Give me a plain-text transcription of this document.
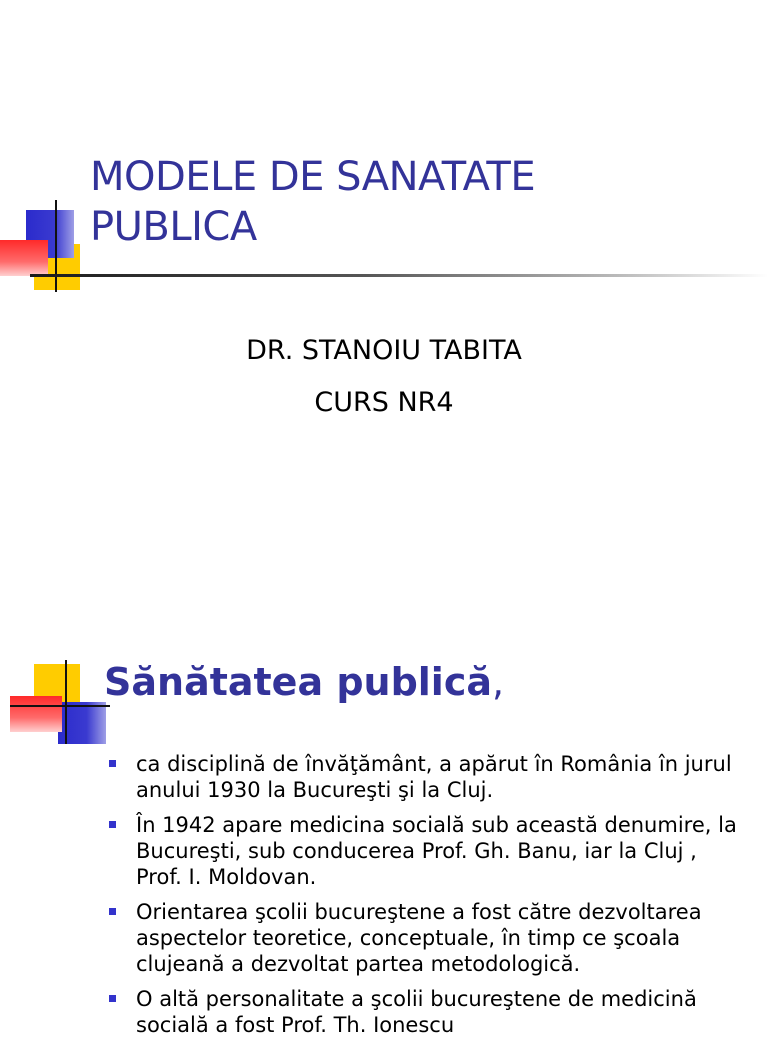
MODELE DE SANATATE
PUBLICA
DR. STANOIU TABITA
CURS NR4
Sănătatea publică,
ca disciplină de învăţământ, a apărut în România în jurul anului 1930 la Bucureşti şi la Cluj.
În 1942 apare medicina socială sub această denumire, la Bucureşti, sub conducerea Prof. Gh. Banu, iar la Cluj , Prof. I. Moldovan.
Orientarea şcolii bucureştene a fost către dezvoltarea aspectelor teoretice, conceptuale, în timp ce şcoala clujeană a dezvoltat partea metodologică.
O altă personalitate a şcolii bucureştene de medicină socială a fost Prof. Th. Ionescu
